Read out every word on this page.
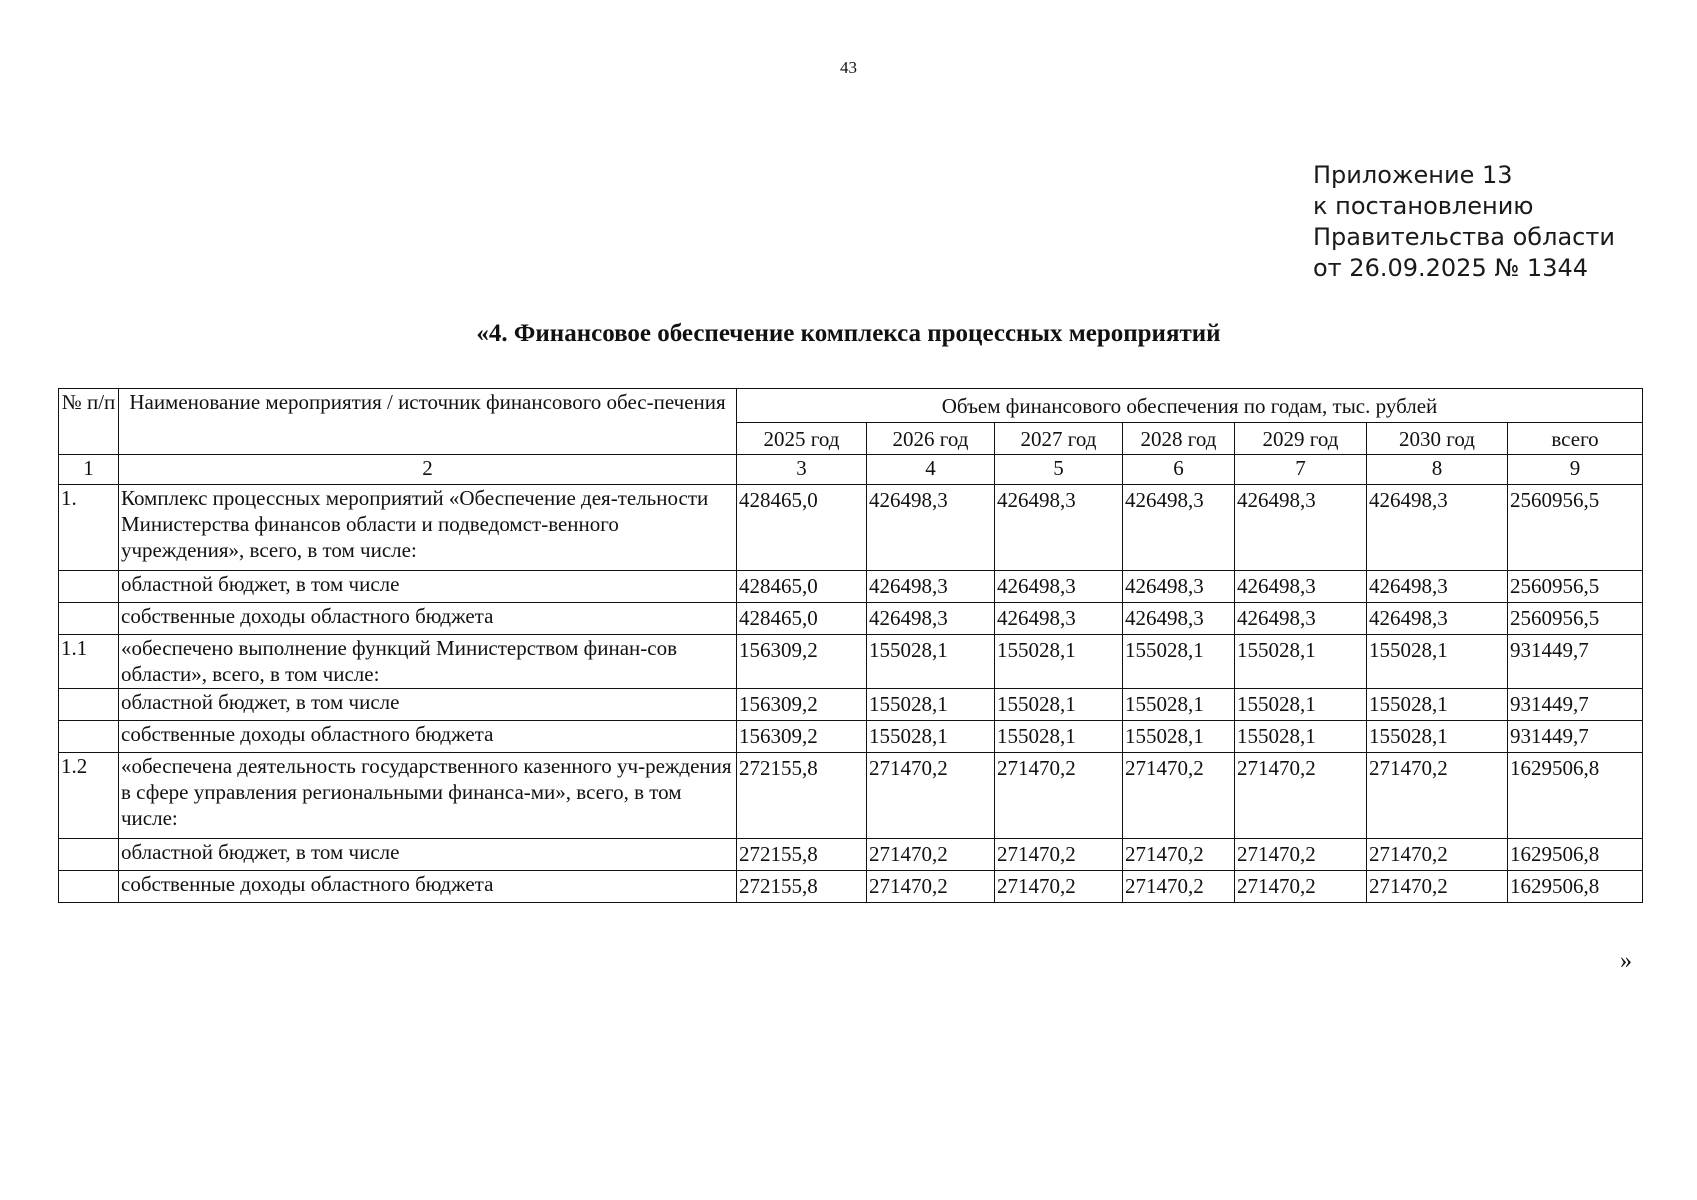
43
Приложение 13
к постановлению
Правительства области
от 26.09.2025 № 1344
«4. Финансовое обеспечение комплекса процессных мероприятий
№ п/п	Наименование мероприятия / источник финансового обес-печения	Объем финансового обеспечения по годам, тыс. рублей						
		2025 год	2026 год	2027 год	2028 год	2029 год	2030 год	всего
1	2	3	4	5	6	7	8	9
1.	Комплекс процессных мероприятий «Обеспечение дея-тельности Министерства финансов области и подведомст-венного учреждения», всего, в том числе:	428465,0	426498,3	426498,3	426498,3	426498,3	426498,3	2560956,5
	областной бюджет, в том числе	428465,0	426498,3	426498,3	426498,3	426498,3	426498,3	2560956,5
	собственные доходы областного бюджета	428465,0	426498,3	426498,3	426498,3	426498,3	426498,3	2560956,5
1.1	«обеспечено выполнение функций Министерством финан-сов области», всего, в том числе:	156309,2	155028,1	155028,1	155028,1	155028,1	155028,1	931449,7
	областной бюджет, в том числе	156309,2	155028,1	155028,1	155028,1	155028,1	155028,1	931449,7
	собственные доходы областного бюджета	156309,2	155028,1	155028,1	155028,1	155028,1	155028,1	931449,7
1.2	«обеспечена деятельность государственного казенного уч-реждения в сфере управления региональными финанса-ми», всего, в том числе:	272155,8	271470,2	271470,2	271470,2	271470,2	271470,2	1629506,8
	областной бюджет, в том числе	272155,8	271470,2	271470,2	271470,2	271470,2	271470,2	1629506,8
	собственные доходы областного бюджета	272155,8	271470,2	271470,2	271470,2	271470,2	271470,2	1629506,8
»
